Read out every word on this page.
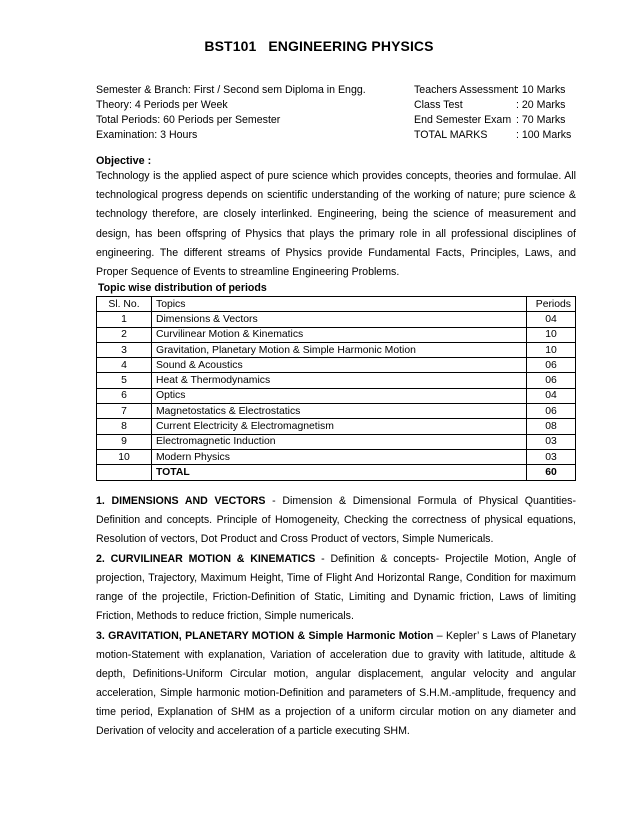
BST101   ENGINEERING PHYSICS
Semester & Branch: First / Second sem Diploma in Engg.
Theory: 4 Periods per Week
Total Periods: 60 Periods per Semester
Examination: 3 Hours
Teachers Assessment: 10 Marks
Class Test	: 20 Marks
End Semester Exam : 70 Marks
TOTAL MARKS	: 100 Marks
Objective :
Technology is the applied aspect of pure science which provides concepts, theories and formulae. All technological progress depends on scientific understanding of the working of nature; pure science & technology therefore, are closely interlinked. Engineering, being the science of measurement and design, has been offspring of Physics that plays the primary role in all professional disciplines of engineering. The different streams of Physics provide Fundamental Facts, Principles, Laws, and Proper Sequence of Events to streamline Engineering Problems.
Topic wise distribution of periods
Sl. No.	Topics	Periods
1	Dimensions & Vectors	04
2	Curvilinear Motion & Kinematics	10
3	Gravitation, Planetary Motion & Simple Harmonic Motion	10
4	Sound & Acoustics	06
5	Heat & Thermodynamics	06
6	Optics	04
7	Magnetostatics & Electrostatics	06
8	Current Electricity & Electromagnetism	08
9	Electromagnetic Induction	03
10	Modern Physics	03
	TOTAL	60
1. DIMENSIONS AND VECTORS - Dimension & Dimensional Formula of Physical Quantities-Definition and concepts. Principle of Homogeneity, Checking the correctness of physical equations, Resolution of vectors, Dot Product and Cross Product of vectors, Simple Numericals.
2. CURVILINEAR MOTION & KINEMATICS - Definition & concepts- Projectile Motion, Angle of projection, Trajectory, Maximum Height, Time of Flight And Horizontal Range, Condition for maximum range of the projectile, Friction-Definition of Static, Limiting and Dynamic friction, Laws of limiting Friction, Methods to reduce friction, Simple numericals.
3. GRAVITATION, PLANETARY MOTION & Simple Harmonic Motion – Kepler’ s Laws of Planetary motion-Statement with explanation, Variation of acceleration due to gravity with latitude, altitude & depth, Definitions-Uniform Circular motion, angular displacement, angular velocity and angular acceleration, Simple harmonic motion-Definition and parameters of S.H.M.-amplitude, frequency and time period, Explanation of SHM as a projection of a uniform circular motion on any diameter and Derivation of velocity and acceleration of a particle executing SHM.
